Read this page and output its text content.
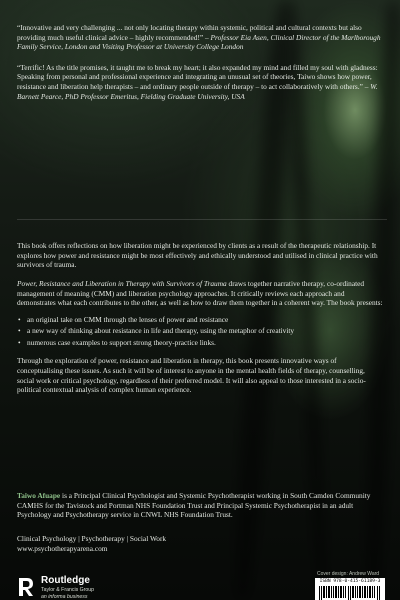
“Innovative and very challenging ... not only locating therapy within systemic, political and cultural contexts but also providing much useful clinical advice – highly recommended!” – Professor Eia Asen, Clinical Director of the Marlborough Family Service, London and Visiting Professor at University College London
“Terrific! As the title promises, it taught me to break my heart; it also expanded my mind and filled my soul with gladness: Speaking from personal and professional experience and integrating an unusual set of theories, Taiwo shows how power, resistance and liberation help therapists – and ordinary people outside of therapy – to act collaboratively with others.” – W. Barnett Pearce, PhD Professor Emeritus, Fielding Graduate University, USA

This book offers reflections on how liberation might be experienced by clients as a result of the therapeutic relationship. It explores how power and resistance might be most effectively and ethically understood and utilised in clinical practice with survivors of trauma.

Power, Resistance and Liberation in Therapy with Survivors of Trauma draws together narrative therapy, co-ordinated management of meaning (CMM) and liberation psychology approaches. It critically reviews each approach and demonstrates what each contributes to the other, as well as how to draw them together in a coherent way. The book presents:

• an original take on CMM through the lenses of power and resistance
• a new way of thinking about resistance in life and therapy, using the metaphor of creativity
• numerous case examples to support strong theory-practice links.

Through the exploration of power, resistance and liberation in therapy, this book presents innovative ways of conceptualising these issues. As such it will be of interest to anyone in the mental health fields of therapy, counselling, social work or critical psychology, regardless of their preferred model. It will also appeal to those interested in a socio-political contextual analysis of complex human experience.

Taiwo Afuape is a Principal Clinical Psychologist and Systemic Psychotherapist working in South Camden Community CAMHS for the Tavistock and Portman NHS Foundation Trust and Principal Systemic Psychotherapist in an adult Psychology and Psychotherapy service in CNWL NHS Foundation Trust.
Clinical Psychology | Psychotherapy | Social Work
www.psychotherapyarena.com
Cover design: Andrew Ward
Routledge
Taylor & Francis Group
an informa business
ISBN 978-0-415-61189-3
